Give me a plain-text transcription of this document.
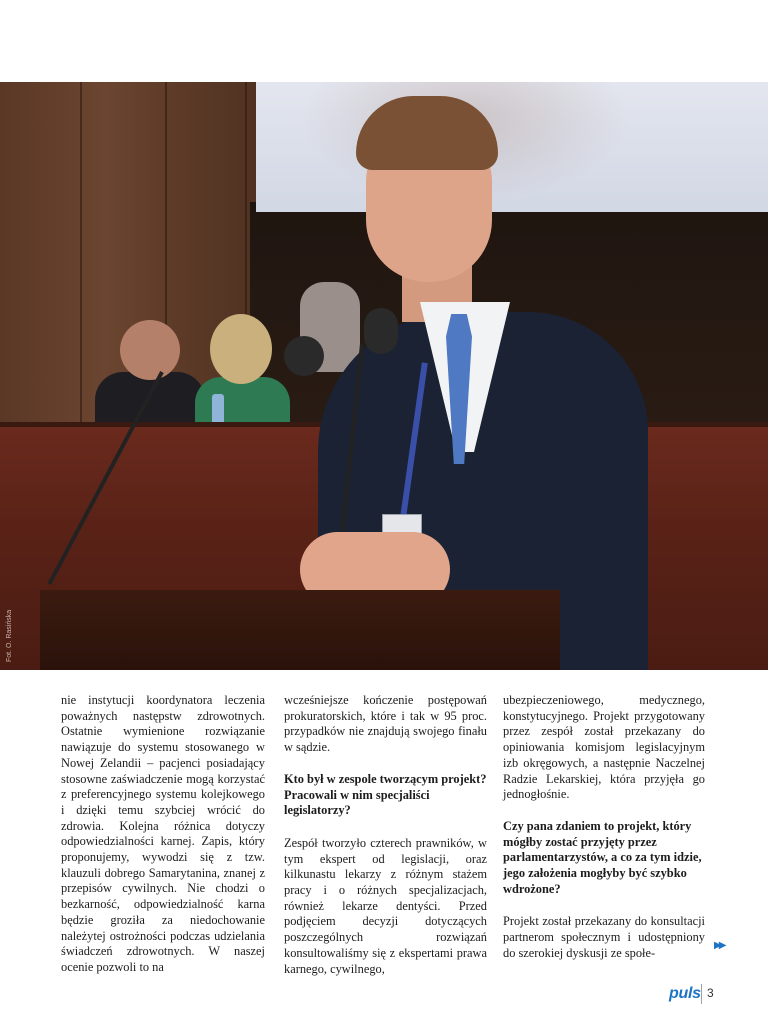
Fot. O. Rasińska

nie instytucji koordynatora leczenia poważnych następstw zdrowotnych. Ostatnie wymienione rozwiązanie nawiązuje do systemu stosowanego w Nowej Zelandii – pacjenci posiadający stosowne zaświadczenie mogą korzystać z preferencyjnego systemu kolejkowego i dzięki temu szybciej wrócić do zdrowia. Kolejna różnica dotyczy odpowiedzialności karnej. Zapis, który proponujemy, wywodzi się z tzw. klauzuli dobrego Samarytanina, znanej z przepisów cywilnych. Nie chodzi o bezkarność, odpowiedzialność karna będzie groziła za niedochowanie należytej ostrożności podczas udzielania świadczeń zdrowotnych. W naszej ocenie pozwoli to na

wcześniejsze kończenie postępowań prokuratorskich, które i tak w 95 proc. przypadków nie znajdują swojego finału w sądzie.

Kto był w zespole tworzącym projekt? Pracowali w nim specjaliści legislatorzy?

Zespół tworzyło czterech prawników, w tym ekspert od legislacji, oraz kilkunastu lekarzy z różnym stażem pracy i o różnych specjalizacjach, również lekarze dentyści. Przed podjęciem decyzji dotyczących poszczególnych rozwiązań konsultowaliśmy się z ekspertami prawa karnego, cywilnego,

ubezpieczeniowego, medycznego, konstytucyjnego. Projekt przygotowany przez zespół został przekazany do opiniowania komisjom legislacyjnym izb okręgowych, a następnie Naczelnej Radzie Lekarskiej, która przyjęła go jednogłośnie.

Czy pana zdaniem to projekt, który mógłby zostać przyjęty przez parlamentarzystów, a co za tym idzie, jego założenia mogłyby być szybko wdrożone?

Projekt został przekazany do konsultacji partnerom społecznym i udostępniony do szerokiej dyskusji ze społe-

▶▶
puls 3
